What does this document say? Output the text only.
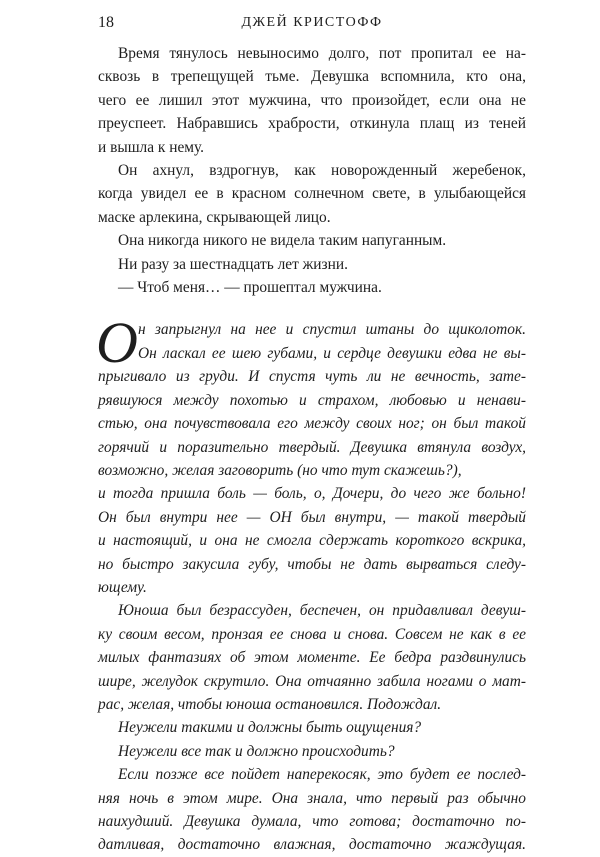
18	ДЖЕЙ КРИСТОФФ
Время тянулось невыносимо долго, пот пропитал ее на-
сквозь в трепещущей тьме. Девушка вспомнила, кто она,
чего ее лишил этот мужчина, что произойдет, если она не
преуспеет. Набравшись храбрости, откинула плащ из теней
и вышла к нему.
Он ахнул, вздрогнув, как новорожденный жеребенок,
когда увидел ее в красном солнечном свете, в улыбающейся
маске арлекина, скрывающей лицо.
Она никогда никого не видела таким напуганным.
Ни разу за шестнадцать лет жизни.
— Чтоб меня… — прошептал мужчина.
О н запрыгнул на нее и спустил штаны до щиколоток.
Он ласкал ее шею губами, и сердце девушки едва не вы-
прыгивало из груди. И спустя чуть ли не вечность, зате-
рявшуюся между похотью и страхом, любовью и ненави-
стью, она почувствовала его между своих ног; он был такой
горячий и поразительно твердый. Девушка втянула воздух,
возможно, желая заговорить (но что тут скажешь?),
и тогда пришла боль — боль, о, Дочери, до чего же больно!
Он был внутри нее — ОН был внутри, — такой твердый
и настоящий, и она не смогла сдержать короткого вскрика,
но быстро закусила губу, чтобы не дать вырваться следу-
ющему.
Юноша был безрассуден, беспечен, он придавливал девуш-
ку своим весом, пронзая ее снова и снова. Совсем не как в ее
милых фантазиях об этом моменте. Ее бедра раздвинулись
шире, желудок скрутило. Она отчаянно забила ногами о мат-
рас, желая, чтобы юноша остановился. Подождал.
Неужели такими и должны быть ощущения?
Неужели все так и должно происходить?
Если позже все пойдет наперекосяк, это будет ее послед-
няя ночь в этом мире. Она знала, что первый раз обычно
наихудший. Девушка думала, что готова; достаточно по-
датливая, достаточно влажная, достаточно жаждущая.
